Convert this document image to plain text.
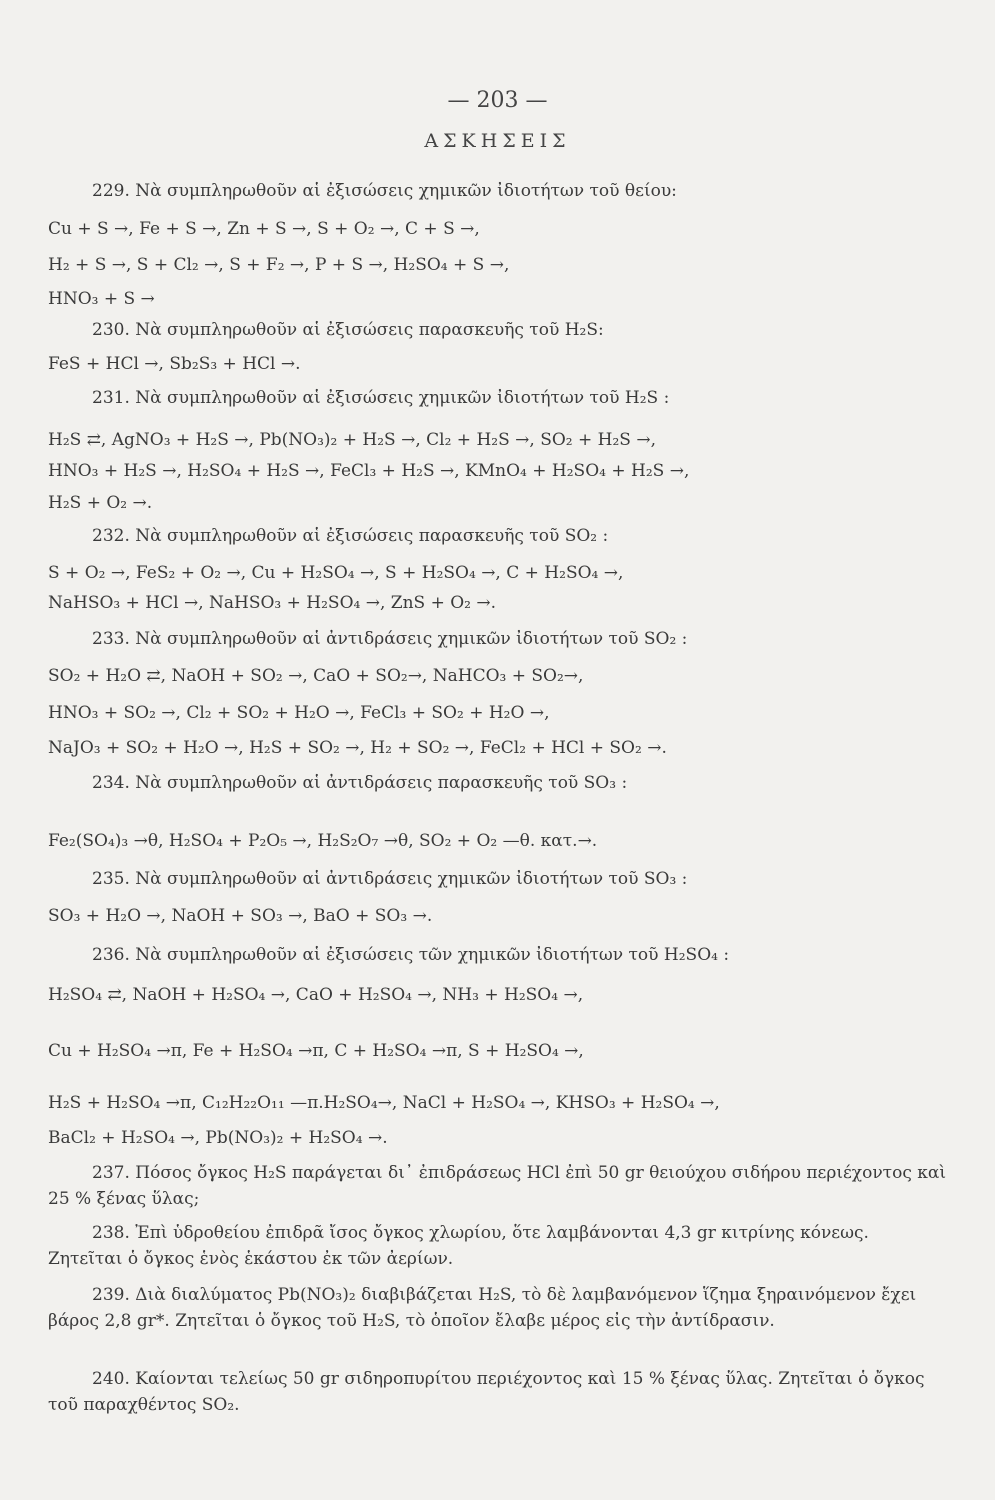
— 203 —
ΑΣΚΗΣΕΙΣ
229. Νὰ συμπληρωθοῦν αἱ ἐξισώσεις χημικῶν ἰδιοτήτων τοῦ θείου:
Cu + S →, Fe + S →, Zn + S →, S + O₂ →, C + S →,
H₂ + S →, S + Cl₂ →, S + F₂ →, P + S →, H₂SO₄ + S →,
HNO₃ + S →
230. Νὰ συμπληρωθοῦν αἱ ἐξισώσεις παρασκευῆς τοῦ H₂S:
FeS + HCl →, Sb₂S₃ + HCl →.
231. Νὰ συμπληρωθοῦν αἱ ἐξισώσεις χημικῶν ἰδιοτήτων τοῦ H₂S :
H₂S ⇄, AgNO₃ + H₂S →, Pb(NO₃)₂ + H₂S →, Cl₂ + H₂S →, SO₂ + H₂S →,
HNO₃ + H₂S →, H₂SO₄ + H₂S →, FeCl₃ + H₂S →, KMnO₄ + H₂SO₄ + H₂S →,
H₂S + O₂ →.
232. Νὰ συμπληρωθοῦν αἱ ἐξισώσεις παρασκευῆς τοῦ SO₂ :
S + O₂ →, FeS₂ + O₂ →, Cu + H₂SO₄ →, S + H₂SO₄ →, C + H₂SO₄ →,
NaHSO₃ + HCl →, NaHSO₃ + H₂SO₄ →, ZnS + O₂ →.
233. Νὰ συμπληρωθοῦν αἱ ἀντιδράσεις χημικῶν ἰδιοτήτων τοῦ SO₂ :
SO₂ + H₂O ⇄, NaOH + SO₂ →, CaO + SO₂→, NaHCO₃ + SO₂→,
HNO₃ + SO₂ →, Cl₂ + SO₂ + H₂O →, FeCl₃ + SO₂ + H₂O →,
NaJO₃ + SO₂ + H₂O →, H₂S + SO₂ →, H₂ + SO₂ →, FeCl₂ + HCl + SO₂ →.
234. Νὰ συμπληρωθοῦν αἱ ἀντιδράσεις παρασκευῆς τοῦ SO₃ :
Fe₂(SO₄)₃ →θ, H₂SO₄ + P₂O₅ →, H₂S₂O₇ →θ, SO₂ + O₂ —θ. κατ.→.
235. Νὰ συμπληρωθοῦν αἱ ἀντιδράσεις χημικῶν ἰδιοτήτων τοῦ SO₃ :
SO₃ + H₂O →, NaOH + SO₃ →, BaO + SO₃ →.
236. Νὰ συμπληρωθοῦν αἱ ἐξισώσεις τῶν χημικῶν ἰδιοτήτων τοῦ H₂SO₄ :
H₂SO₄ ⇄, NaOH + H₂SO₄ →, CaO + H₂SO₄ →, NH₃ + H₂SO₄ →,
Cu + H₂SO₄ →π, Fe + H₂SO₄ →π, C + H₂SO₄ →π, S + H₂SO₄ →,
H₂S + H₂SO₄ →π, C₁₂H₂₂O₁₁ —π.H₂SO₄→, NaCl + H₂SO₄ →, KHSO₃ + H₂SO₄ →,
BaCl₂ + H₂SO₄ →, Pb(NO₃)₂ + H₂SO₄ →.
237. Πόσος ὄγκος H₂S παράγεται δι᾽ ἐπιδράσεως HCl ἐπὶ 50 gr θειούχου σιδήρου περιέχοντος καὶ 25 % ξένας ὕλας;
238. Ἐπὶ ὑδροθείου ἐπιδρᾶ ἴσος ὄγκος χλωρίου, ὅτε λαμβάνονται 4,3 gr κιτρίνης κόνεως. Ζητεῖται ὁ ὄγκος ἑνὸς ἑκάστου ἐκ τῶν ἀερίων.
239. Διὰ διαλύματος Pb(NO₃)₂ διαβιβάζεται H₂S, τὸ δὲ λαμβανόμενον ἵζημα ξηραινόμενον ἔχει βάρος 2,8 gr*. Ζητεῖται ὁ ὄγκος τοῦ H₂S, τὸ ὁποῖον ἔλαβε μέρος εἰς τὴν ἀντίδρασιν.
240. Καίονται τελείως 50 gr σιδηροπυρίτου περιέχοντος καὶ 15 % ξένας ὕλας. Ζητεῖται ὁ ὄγκος τοῦ παραχθέντος SO₂.
